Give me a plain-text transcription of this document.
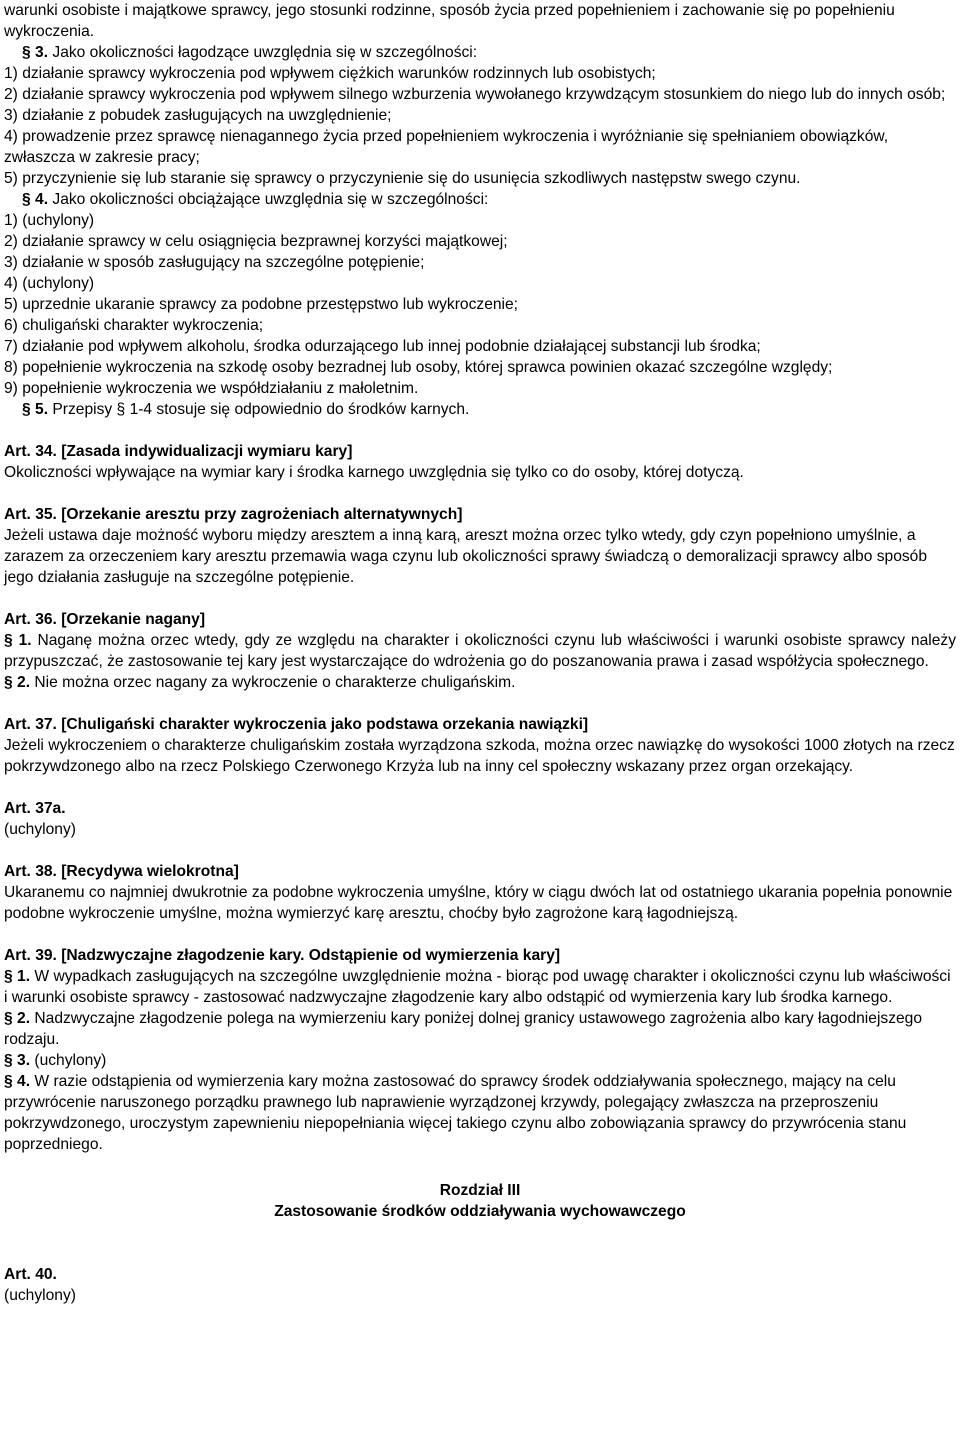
warunki osobiste i majątkowe sprawcy, jego stosunki rodzinne, sposób życia przed popełnieniem i zachowanie się po popełnieniu wykroczenia.

§ 3. Jako okoliczności łagodzące uwzględnia się w szczególności:

1) działanie sprawcy wykroczenia pod wpływem ciężkich warunków rodzinnych lub osobistych;

2) działanie sprawcy wykroczenia pod wpływem silnego wzburzenia wywołanego krzywdzącym stosunkiem do niego lub do innych osób;

3) działanie z pobudek zasługujących na uwzględnienie;

4) prowadzenie przez sprawcę nienagannego życia przed popełnieniem wykroczenia i wyróżnianie się spełnianiem obowiązków, zwłaszcza w zakresie pracy;

5) przyczynienie się lub staranie się sprawcy o przyczynienie się do usunięcia szkodliwych następstw swego czynu.

§ 4. Jako okoliczności obciążające uwzględnia się w szczególności:

1) (uchylony)

2) działanie sprawcy w celu osiągnięcia bezprawnej korzyści majątkowej;

3) działanie w sposób zasługujący na szczególne potępienie;

4) (uchylony)

5) uprzednie ukaranie sprawcy za podobne przestępstwo lub wykroczenie;

6) chuligański charakter wykroczenia;

7) działanie pod wpływem alkoholu, środka odurzającego lub innej podobnie działającej substancji lub środka;

8) popełnienie wykroczenia na szkodę osoby bezradnej lub osoby, której sprawca powinien okazać szczególne względy;

9) popełnienie wykroczenia we współdziałaniu z małoletnim.

§ 5. Przepisy § 1-4 stosuje się odpowiednio do środków karnych.

Art. 34. [Zasada indywidualizacji wymiaru kary]

Okoliczności wpływające na wymiar kary i środka karnego uwzględnia się tylko co do osoby, której dotyczą.

Art. 35. [Orzekanie aresztu przy zagrożeniach alternatywnych]

Jeżeli ustawa daje możność wyboru między aresztem a inną karą, areszt można orzec tylko wtedy, gdy czyn popełniono umyślnie, a zarazem za orzeczeniem kary aresztu przemawia waga czynu lub okoliczności sprawy świadczą o demoralizacji sprawcy albo sposób jego działania zasługuje na szczególne potępienie.

Art. 36. [Orzekanie nagany]

§ 1. Naganę można orzec wtedy, gdy ze względu na charakter i okoliczności czynu lub właściwości i warunki osobiste sprawcy należy przypuszczać, że zastosowanie tej kary jest wystarczające do wdrożenia go do poszanowania prawa i zasad współżycia społecznego.

§ 2. Nie można orzec nagany za wykroczenie o charakterze chuligańskim.

Art. 37. [Chuligański charakter wykroczenia jako podstawa orzekania nawiązki]

Jeżeli wykroczeniem o charakterze chuligańskim została wyrządzona szkoda, można orzec nawiązkę do wysokości 1000 złotych na rzecz pokrzywdzonego albo na rzecz Polskiego Czerwonego Krzyża lub na inny cel społeczny wskazany przez organ orzekający.

Art. 37a.

(uchylony)

Art. 38. [Recydywa wielokrotna]

Ukaranemu co najmniej dwukrotnie za podobne wykroczenia umyślne, który w ciągu dwóch lat od ostatniego ukarania popełnia ponownie podobne wykroczenie umyślne, można wymierzyć karę aresztu, choćby było zagrożone karą łagodniejszą.

Art. 39. [Nadzwyczajne złagodzenie kary. Odstąpienie od wymierzenia kary]

§ 1. W wypadkach zasługujących na szczególne uwzględnienie można - biorąc pod uwagę charakter i okoliczności czynu lub właściwości i warunki osobiste sprawcy - zastosować nadzwyczajne złagodzenie kary albo odstąpić od wymierzenia kary lub środka karnego.

§ 2. Nadzwyczajne złagodzenie polega na wymierzeniu kary poniżej dolnej granicy ustawowego zagrożenia albo kary łagodniejszego rodzaju.

§ 3. (uchylony)

§ 4. W razie odstąpienia od wymierzenia kary można zastosować do sprawcy środek oddziaływania społecznego, mający na celu przywrócenie naruszonego porządku prawnego lub naprawienie wyrządzonej krzywdy, polegający zwłaszcza na przeproszeniu pokrzywdzonego, uroczystym zapewnieniu niepopełniania więcej takiego czynu albo zobowiązania sprawcy do przywrócenia stanu poprzedniego.

Rozdział III

Zastosowanie środków oddziaływania wychowawczego

Art. 40.

(uchylony)
